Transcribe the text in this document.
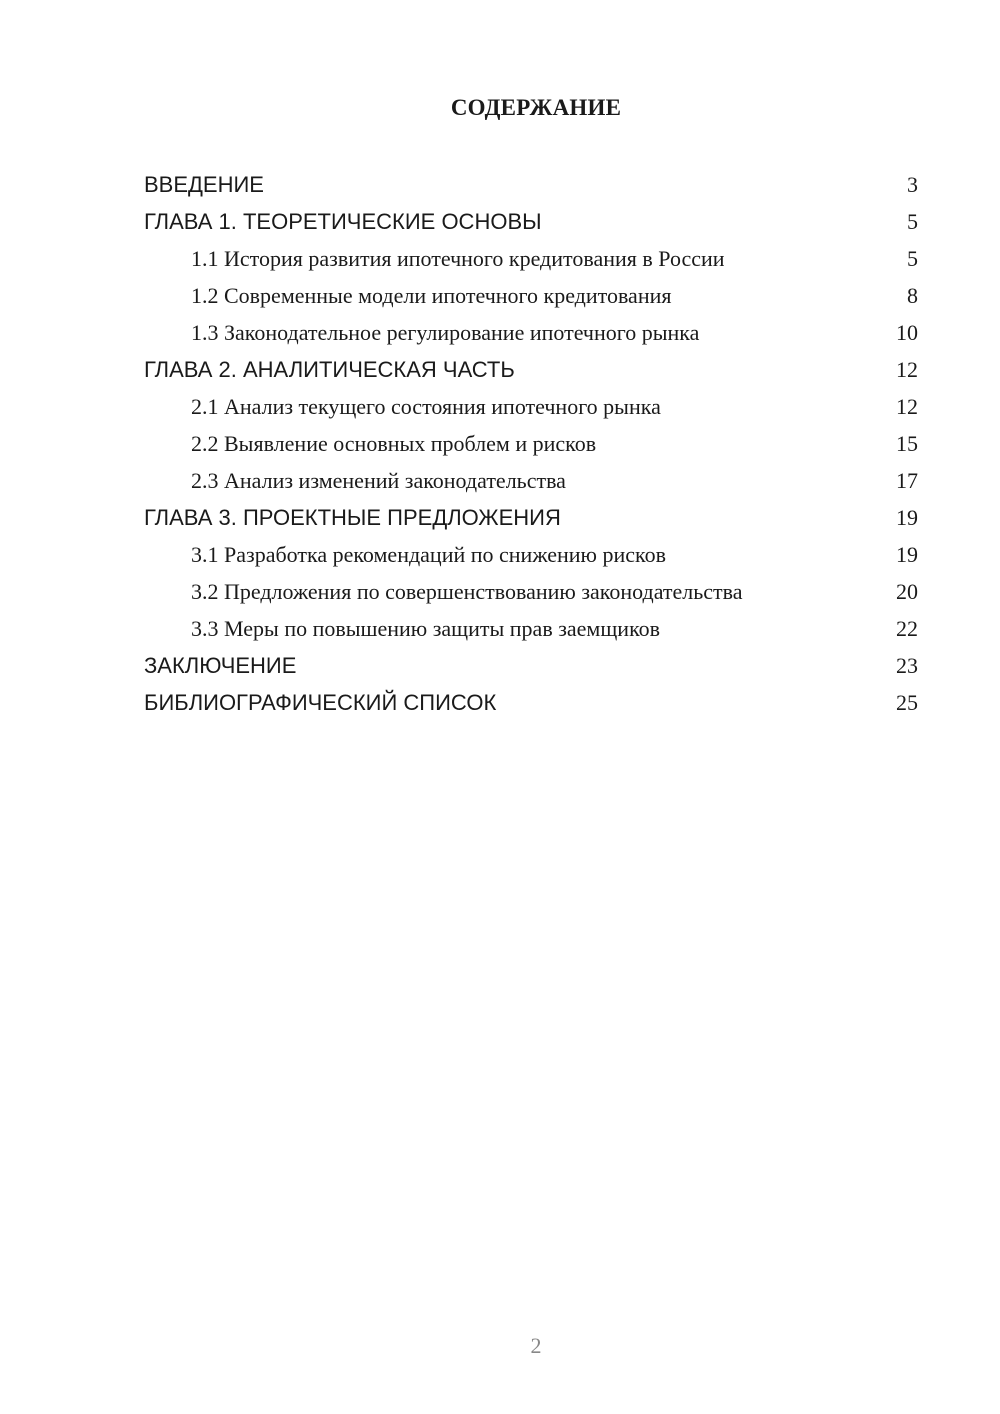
СОДЕРЖАНИЕ
ВВЕДЕНИЕ	3
ГЛАВА 1. ТЕОРЕТИЧЕСКИЕ ОСНОВЫ	5
1.1 История развития ипотечного кредитования в России	5
1.2 Современные модели ипотечного кредитования	8
1.3 Законодательное регулирование ипотечного рынка	10
ГЛАВА 2. АНАЛИТИЧЕСКАЯ ЧАСТЬ	12
2.1 Анализ текущего состояния ипотечного рынка	12
2.2 Выявление основных проблем и рисков	15
2.3 Анализ изменений законодательства	17
ГЛАВА 3. ПРОЕКТНЫЕ ПРЕДЛОЖЕНИЯ	19
3.1 Разработка рекомендаций по снижению рисков	19
3.2 Предложения по совершенствованию законодательства	20
3.3 Меры по повышению защиты прав заемщиков	22
ЗАКЛЮЧЕНИЕ	23
БИБЛИОГРАФИЧЕСКИЙ СПИСОК	25
2
